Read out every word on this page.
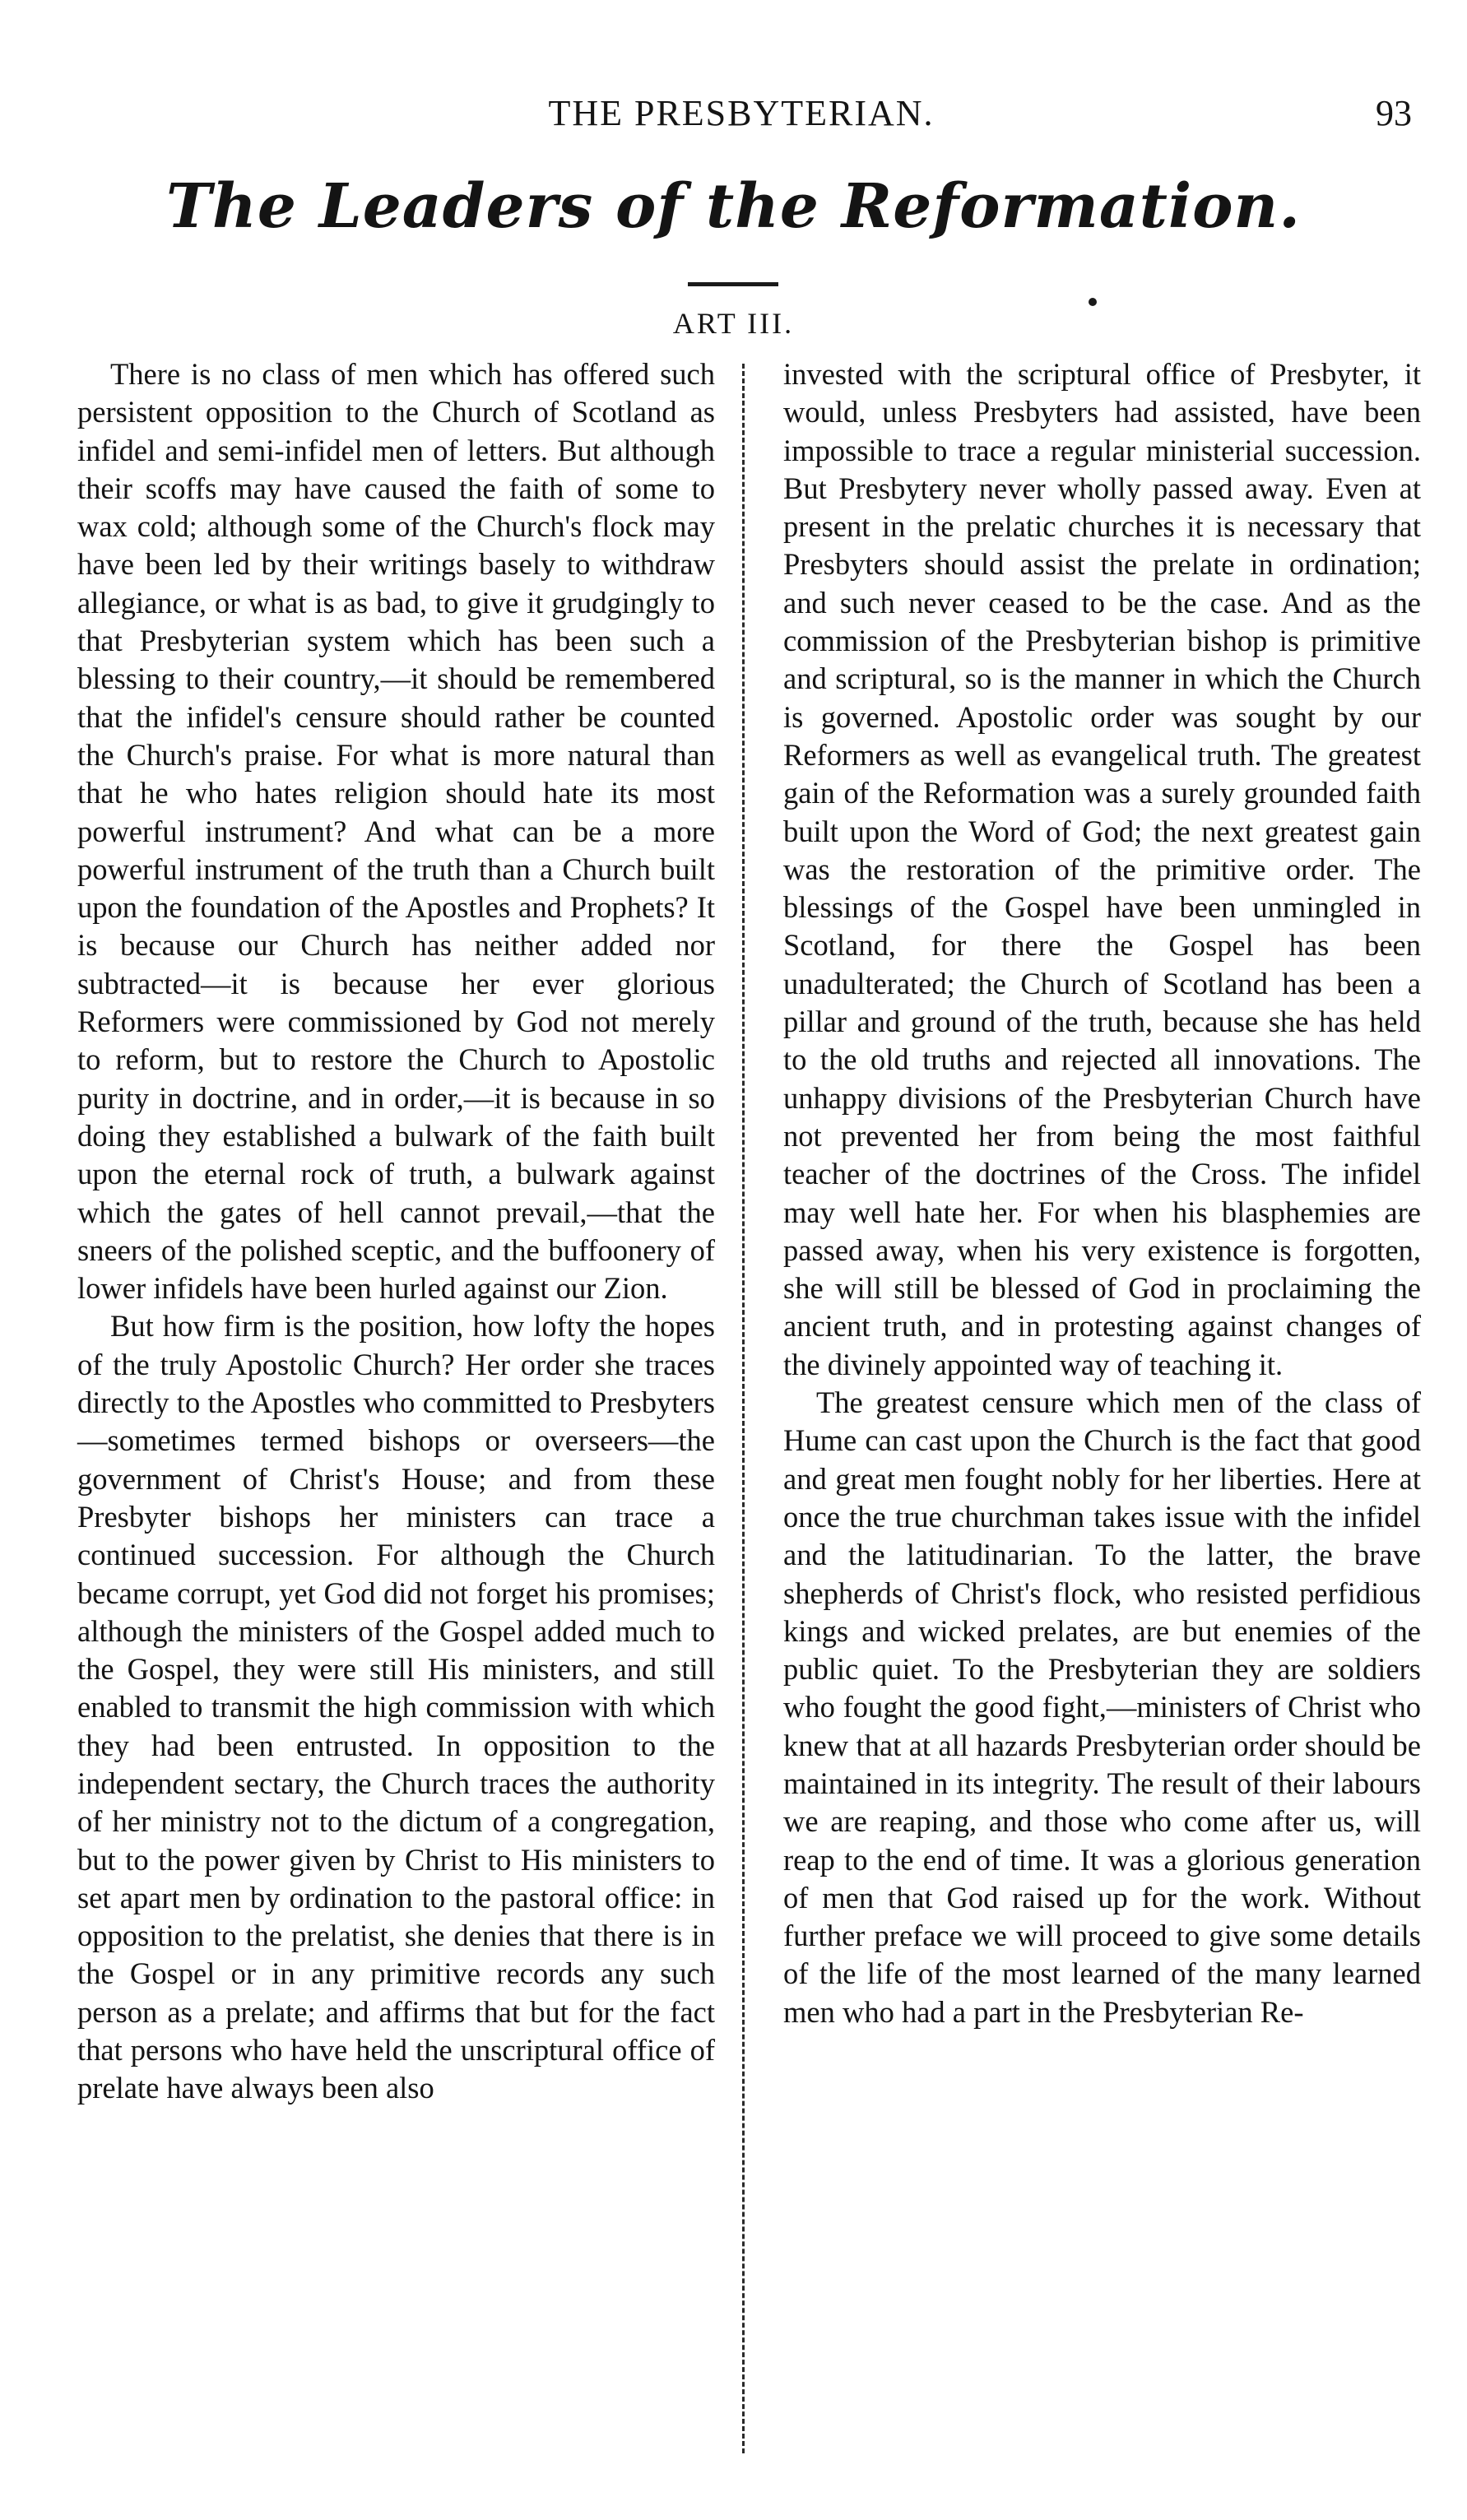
THE PRESBYTERIAN.	93
The Leaders of the Reformation.
ART III.

There is no class of men which has offered such persistent opposition to the Church of Scotland as infidel and semi-infidel men of letters. But although their scoffs may have caused the faith of some to wax cold; although some of the Church's flock may have been led by their writings basely to withdraw allegiance, or what is as bad, to give it grudgingly to that Presbyterian system which has been such a blessing to their country,—it should be remembered that the infidel's censure should rather be counted the Church's praise. For what is more natural than that he who hates religion should hate its most powerful instrument? And what can be a more powerful instrument of the truth than a Church built upon the foundation of the Apostles and Prophets? It is because our Church has neither added nor subtracted—it is because her ever glorious Reformers were commissioned by God not merely to reform, but to restore the Church to Apostolic purity in doctrine, and in order,—it is because in so doing they established a bulwark of the faith built upon the eternal rock of truth, a bulwark against which the gates of hell cannot prevail,—that the sneers of the polished sceptic, and the buffoonery of lower infidels have been hurled against our Zion.

But how firm is the position, how lofty the hopes of the truly Apostolic Church? Her order she traces directly to the Apostles who committed to Presbyters—sometimes termed bishops or overseers—the government of Christ's House; and from these Presbyter bishops her ministers can trace a continued succession. For although the Church became corrupt, yet God did not forget his promises; although the ministers of the Gospel added much to the Gospel, they were still His ministers, and still enabled to transmit the high commission with which they had been entrusted. In opposition to the independent sectary, the Church traces the authority of her ministry not to the dictum of a congregation, but to the power given by Christ to His ministers to set apart men by ordination to the pastoral office: in opposition to the prelatist, she denies that there is in the Gospel or in any primitive records any such person as a prelate; and affirms that but for the fact that persons who have held the unscriptural office of prelate have always been also

invested with the scriptural office of Presbyter, it would, unless Presbyters had assisted, have been impossible to trace a regular ministerial succession. But Presbytery never wholly passed away. Even at present in the prelatic churches it is necessary that Presbyters should assist the prelate in ordination; and such never ceased to be the case. And as the commission of the Presbyterian bishop is primitive and scriptural, so is the manner in which the Church is governed. Apostolic order was sought by our Reformers as well as evangelical truth. The greatest gain of the Reformation was a surely grounded faith built upon the Word of God; the next greatest gain was the restoration of the primitive order. The blessings of the Gospel have been unmingled in Scotland, for there the Gospel has been unadulterated; the Church of Scotland has been a pillar and ground of the truth, because she has held to the old truths and rejected all innovations. The unhappy divisions of the Presbyterian Church have not prevented her from being the most faithful teacher of the doctrines of the Cross. The infidel may well hate her. For when his blasphemies are passed away, when his very existence is forgotten, she will still be blessed of God in proclaiming the ancient truth, and in protesting against changes of the divinely appointed way of teaching it.

The greatest censure which men of the class of Hume can cast upon the Church is the fact that good and great men fought nobly for her liberties. Here at once the true churchman takes issue with the infidel and the latitudinarian. To the latter, the brave shepherds of Christ's flock, who resisted perfidious kings and wicked prelates, are but enemies of the public quiet. To the Presbyterian they are soldiers who fought the good fight,—ministers of Christ who knew that at all hazards Presbyterian order should be maintained in its integrity. The result of their labours we are reaping, and those who come after us, will reap to the end of time. It was a glorious generation of men that God raised up for the work. Without further preface we will proceed to give some details of the life of the most learned of the many learned men who had a part in the Presbyterian Re-
